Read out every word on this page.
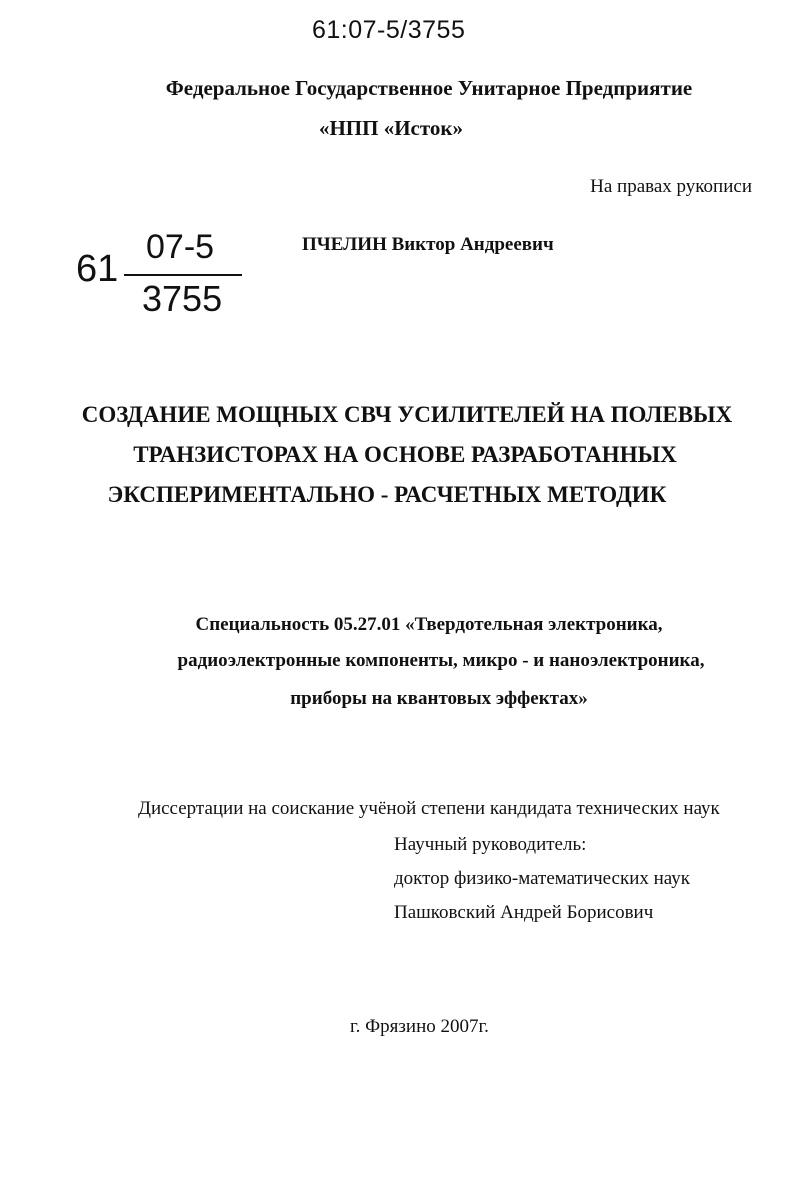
61:07-5/3755
Федеральное Государственное Унитарное Предприятие
«НПП «Исток»
На правах рукописи
61
07-5
3755
ПЧЕЛИН Виктор Андреевич
СОЗДАНИЕ МОЩНЫХ СВЧ УСИЛИТЕЛЕЙ НА ПОЛЕВЫХ
ТРАНЗИСТОРАХ НА ОСНОВЕ РАЗРАБОТАННЫХ
ЭКСПЕРИМЕНТАЛЬНО - РАСЧЕТНЫХ МЕТОДИК
Специальность 05.27.01 «Твердотельная электроника,
радиоэлектронные компоненты, микро - и наноэлектроника,
приборы на квантовых эффектах»
Диссертации на соискание учёной степени кандидата технических наук
Научный руководитель:
доктор физико-математических наук
Пашковский Андрей Борисович
г. Фрязино 2007г.
